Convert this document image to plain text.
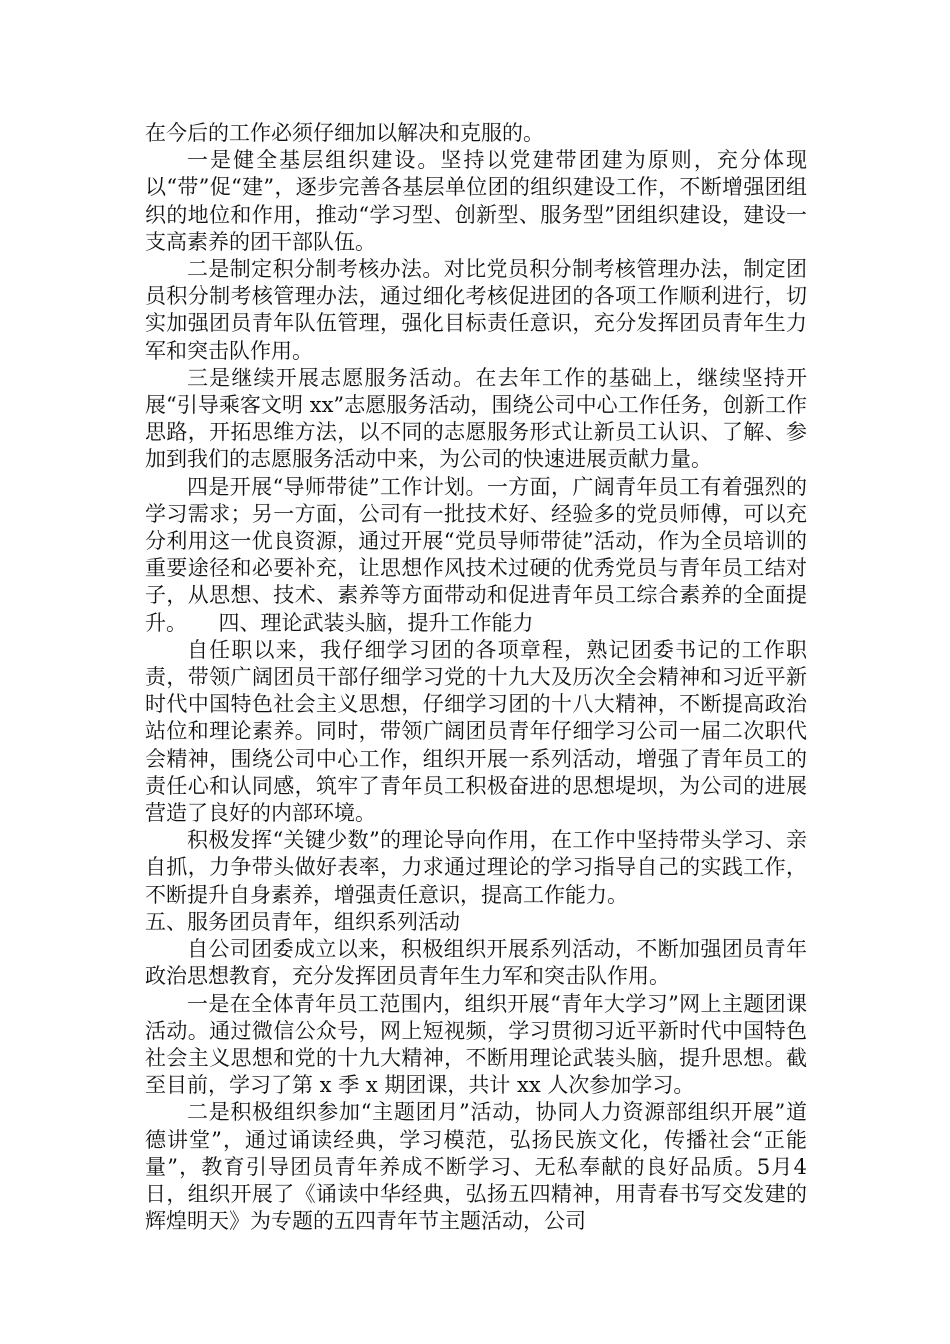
在今后的工作必须仔细加以解决和克服的。

一是健全基层组织建设。坚持以党建带团建为原则，充分体现以“带”促“建”，逐步完善各基层单位团的组织建设工作，不断增强团组织的地位和作用，推动“学习型、创新型、服务型”团组织建设，建设一支高素养的团干部队伍。

二是制定积分制考核办法。对比党员积分制考核管理办法，制定团员积分制考核管理办法，通过细化考核促进团的各项工作顺利进行，切实加强团员青年队伍管理，强化目标责任意识，充分发挥团员青年生力军和突击队作用。

三是继续开展志愿服务活动。在去年工作的基础上，继续坚持开展“引导乘客文明 xx”志愿服务活动，围绕公司中心工作任务，创新工作思路，开拓思维方法，以不同的志愿服务形式让新员工认识、了解、参加到我们的志愿服务活动中来，为公司的快速进展贡献力量。

四是开展“导师带徒”工作计划。一方面，广阔青年员工有着强烈的学习需求；另一方面，公司有一批技术好、经验多的党员师傅，可以充分利用这一优良资源，通过开展“党员导师带徒”活动，作为全员培训的重要途径和必要补充，让思想作风技术过硬的优秀党员与青年员工结对子，从思想、技术、素养等方面带动和促进青年员工综合素养的全面提升。　　四、理论武装头脑，提升工作能力

自任职以来，我仔细学习团的各项章程，熟记团委书记的工作职责，带领广阔团员干部仔细学习党的十九大及历次全会精神和习近平新时代中国特色社会主义思想，仔细学习团的十八大精神，不断提高政治站位和理论素养。同时，带领广阔团员青年仔细学习公司一届二次职代会精神，围绕公司中心工作，组织开展一系列活动，增强了青年员工的责任心和认同感，筑牢了青年员工积极奋进的思想堤坝，为公司的进展营造了良好的内部环境。

积极发挥“关键少数”的理论导向作用，在工作中坚持带头学习、亲自抓，力争带头做好表率，力求通过理论的学习指导自己的实践工作，不断提升自身素养，增强责任意识，提高工作能力。

五、服务团员青年，组织系列活动

自公司团委成立以来，积极组织开展系列活动，不断加强团员青年政治思想教育，充分发挥团员青年生力军和突击队作用。

一是在全体青年员工范围内，组织开展“青年大学习”网上主题团课活动。通过微信公众号，网上短视频，学习贯彻习近平新时代中国特色社会主义思想和党的十九大精神，不断用理论武装头脑，提升思想。截至目前，学习了第 x 季 x 期团课，共计 xx 人次参加学习。

二是积极组织参加“主题团月”活动，协同人力资源部组织开展”道德讲堂”，通过诵读经典，学习模范，弘扬民族文化，传播社会“正能量”，教育引导团员青年养成不断学习、无私奉献的良好品质。5月4日，组织开展了《诵读中华经典，弘扬五四精神，用青春书写交发建的辉煌明天》为专题的五四青年节主题活动，公司
